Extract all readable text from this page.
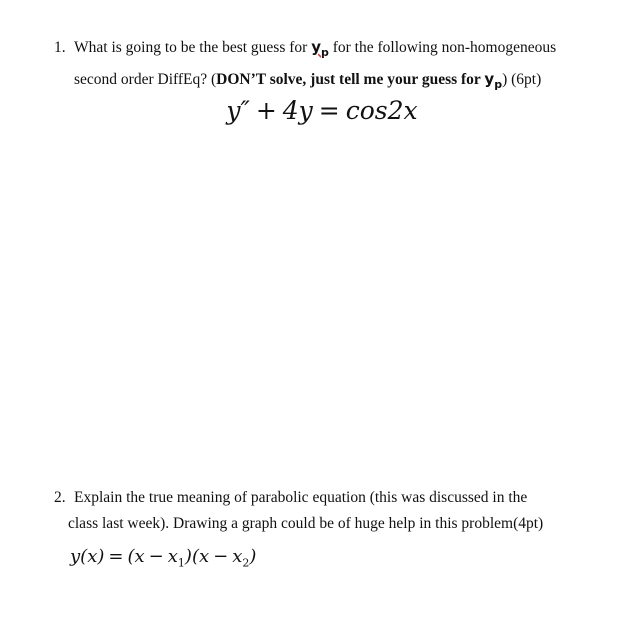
1. What is going to be the best guess for $y_p$ for the following non-homogeneous
second order DiffEq? (DON’T solve, just tell me your guess for $y_p$) (6pt)
y″ + 4y = cos2x
2. Explain the true meaning of parabolic equation (this was discussed in the
class last week). Drawing a graph could be of huge help in this problem(4pt)
$y(x) = (x - x_1)(x - x_2)$
